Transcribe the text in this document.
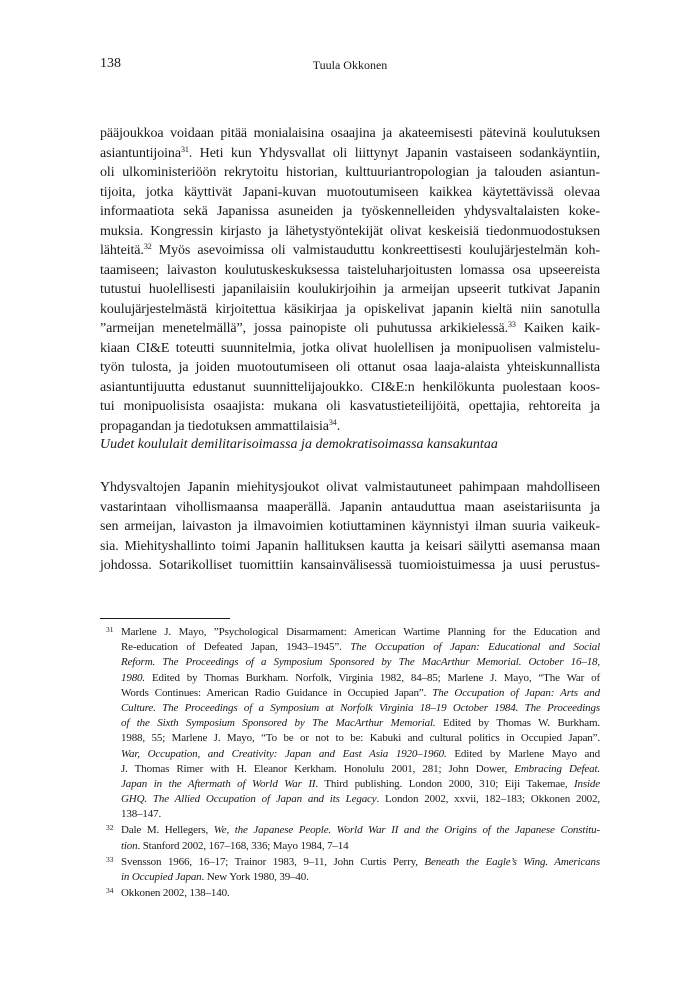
138	Tuula Okkonen
pääjoukkoa voidaan pitää monialaisina osaajina ja akateemisesti pätevinä koulutuksen
asiantuntijoina$^{31}$. Heti kun Yhdysvallat oli liittynyt Japanin vastaiseen sodankäyntiin,
oli ulkoministeriöön rekrytoitu historian, kulttuuriantropologian ja talouden asiantun-
tijoita, jotka käyttivät Japani-kuvan muotoutumiseen kaikkea käytettävissä olevaa
informaatiota sekä Japanissa asuneiden ja työskennelleiden yhdysvaltalaisten koke-
muksia. Kongressin kirjasto ja lähetystyöntekijät olivat keskeisiä tiedonmuodostuksen
lähteitä.$^{32}$ Myös asevoimissa oli valmistauduttu konkreettisesti koulujärjestelmän koh-
taamiseen; laivaston koulutuskeskuksessa taisteluharjoitusten lomassa osa upseereista
tutustui huolellisesti japanilaisiin koulukirjoihin ja armeijan upseerit tutkivat Japanin
koulujärjestelmästä kirjoitettua käsikirjaa ja opiskelivat japanin kieltä niin sanotulla
”armeijan menetelmällä”, jossa painopiste oli puhutussa arkikielessä.$^{33}$ Kaiken kaik-
kiaan CI&E toteutti suunnitelmia, jotka olivat huolellisen ja monipuolisen valmistelu-
työn tulosta, ja joiden muotoutumiseen oli ottanut osaa laaja-alaista yhteiskunnallista
asiantuntijuutta edustanut suunnittelijajoukko. CI&E:n henkilökunta puolestaan koos-
tui monipuolisista osaajista: mukana oli kasvatustieteilijöitä, opettajia, rehtoreita ja
propagandan ja tiedotuksen ammattilaisia$^{34}$.
Uudet koululait demilitarisoimassa ja demokratisoimassa kansakuntaa
Yhdysvaltojen Japanin miehitysjoukot olivat valmistautuneet pahimpaan mahdolliseen
vastarintaan vihollismaansa maaperällä. Japanin antauduttua maan aseistariisunta ja
sen armeijan, laivaston ja ilmavoimien kotiuttaminen käynnistyi ilman suuria vaikeuk-
sia. Miehityshallinto toimi Japanin hallituksen kautta ja keisari säilytti asemansa maan
johdossa. Sotarikolliset tuomittiin kansainvälisessä tuomioistuimessa ja uusi perustus-
31 Marlene J. Mayo, ”Psychological Disarmament: American Wartime Planning for the Education and
Re-education of Defeated Japan, 1943–1945”. The Occupation of Japan: Educational and Social
Reform. The Proceedings of a Symposium Sponsored by The MacArthur Memorial. October 16–18,
1980. Edited by Thomas Burkham. Norfolk, Virginia 1982, 84–85; Marlene J. Mayo, “The War of
Words Continues: American Radio Guidance in Occupied Japan”. The Occupation of Japan: Arts and
Culture. The Proceedings of a Symposium at Norfolk Virginia 18–19 October 1984. The Proceedings
of the Sixth Symposium Sponsored by The MacArthur Memorial. Edited by Thomas W. Burkham.
1988, 55; Marlene J. Mayo, “To be or not to be: Kabuki and cultural politics in Occupied Japan”.
War, Occupation, and Creativity: Japan and East Asia 1920–1960. Edited by Marlene Mayo and
J. Thomas Rimer with H. Eleanor Kerkham. Honolulu 2001, 281; John Dower, Embracing Defeat.
Japan in the Aftermath of World War II. Third publishing. London 2000, 310; Eiji Takemae, Inside
GHQ. The Allied Occupation of Japan and its Legacy. London 2002, xxvii, 182–183; Okkonen 2002,
138–147.
32 Dale M. Hellegers, We, the Japanese People. World War II and the Origins of the Japanese Constitu-
tion. Stanford 2002, 167–168, 336; Mayo 1984, 7–14
33 Svensson 1966, 16–17; Trainor 1983, 9–11, John Curtis Perry, Beneath the Eagle’s Wing. Americans
in Occupied Japan. New York 1980, 39–40.
34 Okkonen 2002, 138–140.
